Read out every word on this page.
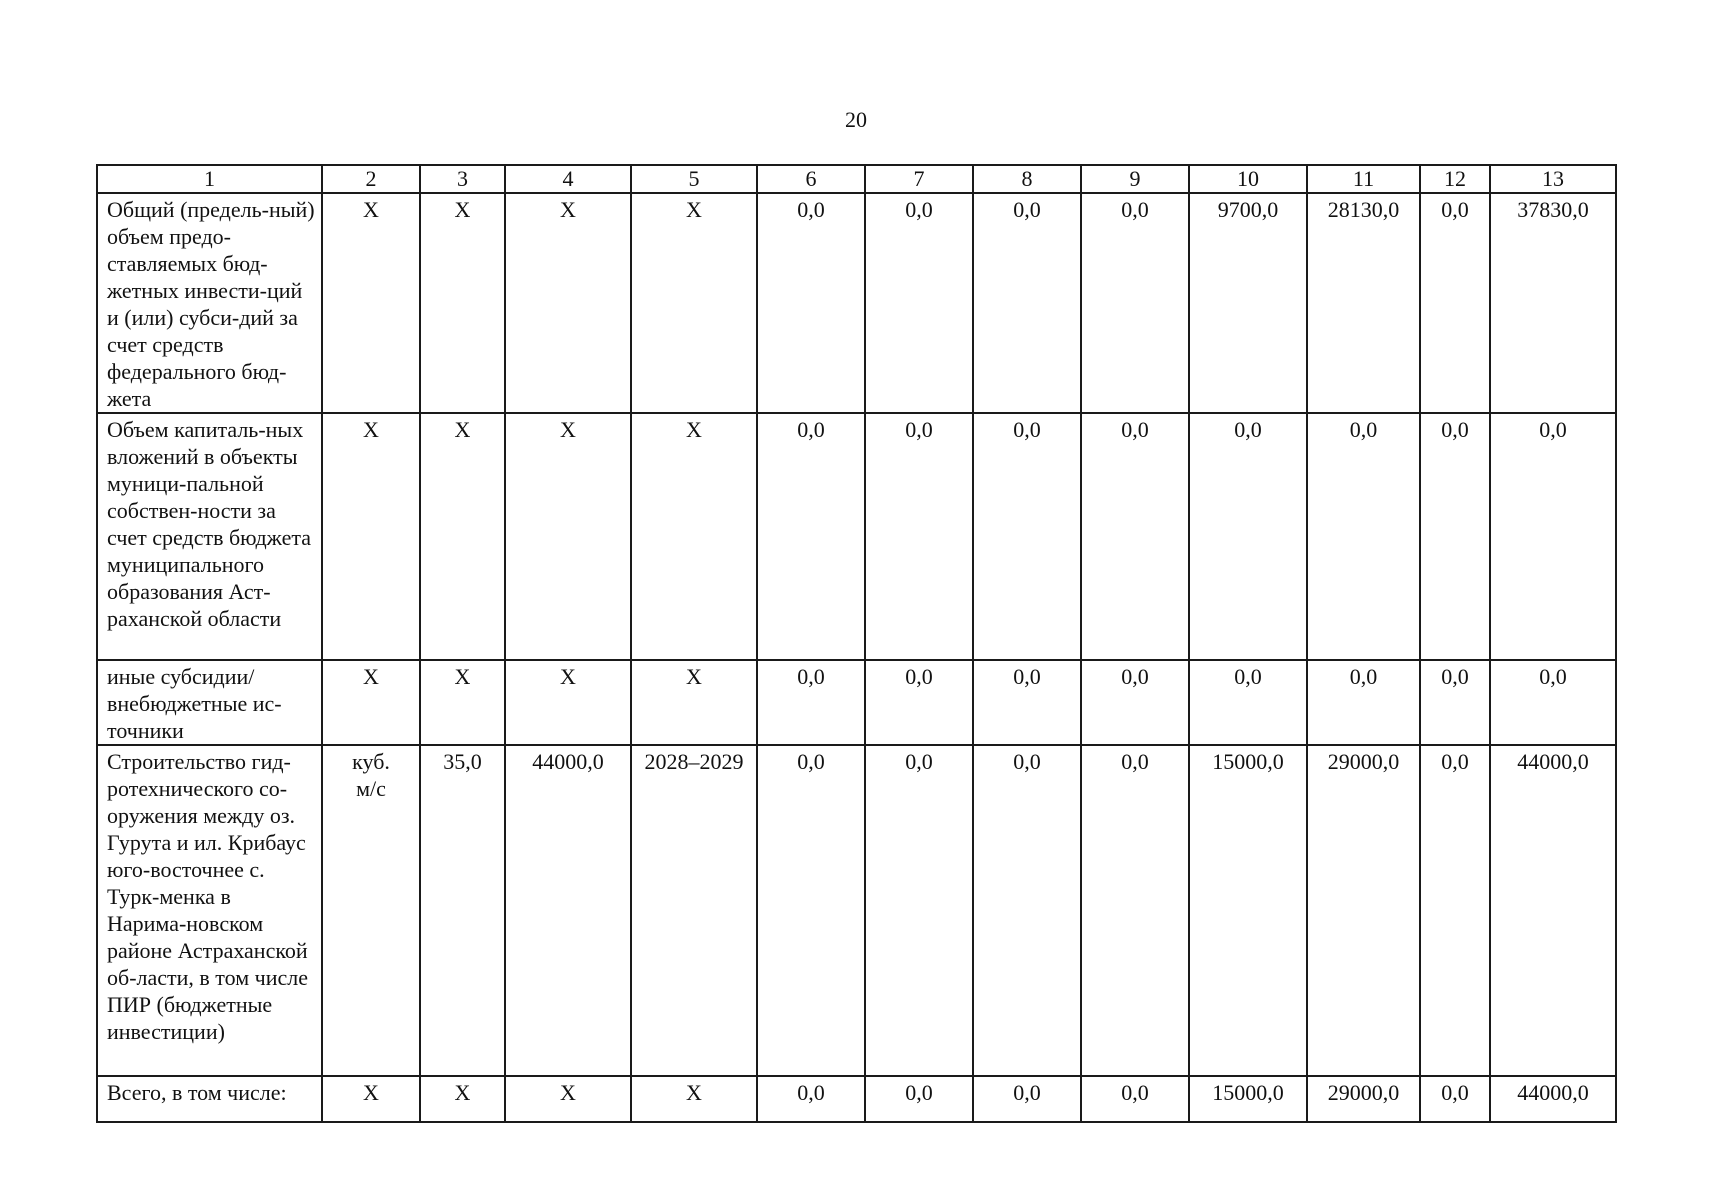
20
1	2	3	4	5	6	7	8	9	10	11	12	13
Общий (предель-ный) объем предо-ставляемых бюд-жетных инвести-ций и (или) субси-дий за счет средств федерального бюд-жета	Х	Х	Х	Х	0,0	0,0	0,0	0,0	9700,0	28130,0	0,0	37830,0
Объем капиталь-ных вложений в объекты муници-пальной собствен-ности за счет средств бюджета муниципального образования Аст-раханской области	Х	Х	Х	Х	0,0	0,0	0,0	0,0	0,0	0,0	0,0	0,0
иные субсидии/ внебюджетные ис-точники	Х	Х	Х	Х	0,0	0,0	0,0	0,0	0,0	0,0	0,0	0,0
Строительство гид-ротехнического со-оружения между оз. Гурута и ил. Крибаус юго-восточнее с. Турк-менка в Нарима-новском районе Астраханской об-ласти, в том числе ПИР (бюджетные инвестиции)	куб. м/с	35,0	44000,0	2028–2029	0,0	0,0	0,0	0,0	15000,0	29000,0	0,0	44000,0
Всего, в том числе:	Х	Х	Х	Х	0,0	0,0	0,0	0,0	15000,0	29000,0	0,0	44000,0
